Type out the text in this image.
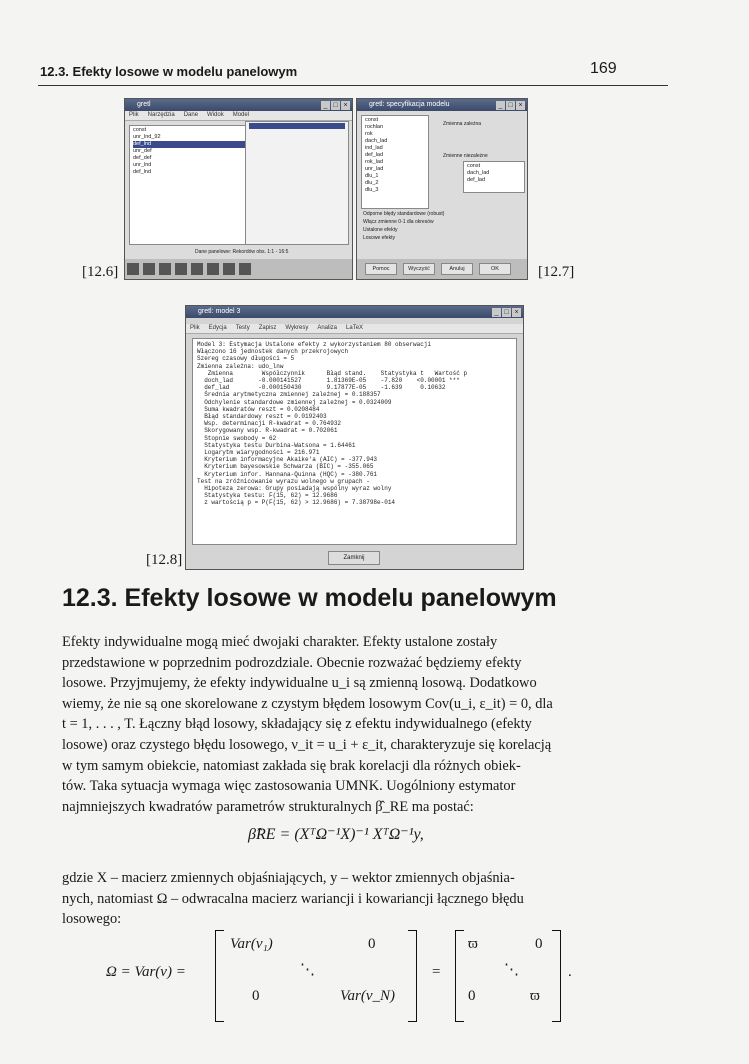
12.3. Efekty losowe w modelu panelowym	169
gretl	_ □ ×
Plik Narzędzia Dane Widok Model
const
unr_lnd_92
def_lnd
unr_def
def_def
unr_lnd
def_lnd
Dane panelowe: Rekordów obs. 1:1 - 16:5
[12.6]
gretl: specyfikacja modelu	_ □ ×
const
rochlan
rok
dach_lad
ind_lad
def_lad
rok_lad
unr_lad
dlu_1
dlu_2
dlu_3
Zmienna zależna
Zmienne niezależne
const
dach_lad
def_lad
Odporne błędy standardowe (robust)
Włącz zmienne 0-1 dla okresów
Ustalone efekty
Losowe efekty
Pomoc	Wyczyść	Anuluj	OK	[12.7]
gretl: model 3	_ □ ×
Plik Edycja Testy Zapisz Wykresy Analiza LaTeX
Model 3: Estymacja Ustalone efekty z wykorzystaniem 80 obserwacji
Włączono 16 jednostek danych przekrojowych
Szereg czasowy długości = 5
Zmienna zależna: udo_lnw
Zmienna        Współczynnik      Błąd stand.    Statystyka t   Wartość p
doch_lad       -0.000141527       1.81369E-05    -7.820    <0.00001 ***
def_lad        -0.000150430       9.17877E-05    -1.639     0.10632
Średnia arytmetyczna zmiennej zależnej = 0.188357
Odchylenie standardowe zmiennej zależnej = 0.0324009
Suma kwadratów reszt = 0.0208484
Błąd standardowy reszt = 0.0192403
Wsp. determinacji R-kwadrat = 0.764932
Skorygowany wsp. R-kwadrat = 0.702061
Stopnie swobody = 62
Statystyka testu Durbina-Watsona = 1.64461
Logarytm wiarygodności = 216.971
Kryterium informacyjne Akaike'a (AIC) = -377.943
Kryterium bayesowskie Schwarza (BIC) = -355.065
Kryterium infor. Hannana-Quinna (HQC) = -380.761
Test na zróżnicowanie wyrazu wolnego w grupach -
Hipoteza zerowa: Grupy posiadają wspólny wyraz wolny
Statystyka testu: F(15, 62) = 12.9686
z wartością p = P(F(15, 62) > 12.9686) = 7.38798e-014
Zamknij
[12.8]
12.3. Efekty losowe w modelu panelowym

Efekty indywidualne mogą mieć dwojaki charakter. Efekty ustalone zostały

przedstawione w poprzednim podrozdziale. Obecnie rozważać będziemy efekty

losowe. Przyjmujemy, że efekty indywidualne u_i są zmienną losową. Dodatkowo

wiemy, że nie są one skorelowane z czystym błędem losowym Cov(u_i, ε_it) = 0, dla

t = 1, . . . , T. Łączny błąd losowy, składający się z efektu indywidualnego (efekty

losowe) oraz czystego błędu losowego, ν_it = u_i + ε_it, charakteryzuje się korelacją

w tym samym obiekcie, natomiast zakłada się brak korelacji dla różnych obiek-

tów. Taka sytuacja wymaga więc zastosowania UMNK. Uogólniony estymator

najmniejszych kwadratów parametrów strukturalnych β̂_RE ma postać:

β̂RE = (XᵀΩ⁻¹X)⁻¹ XᵀΩ⁻¹y,

gdzie X – macierz zmiennych objaśniających, y – wektor zmiennych objaśnia-

nych, natomiast Ω – odwracalna macierz wariancji i kowariancji łącznego błędu

losowego:

Ω = Var(ν) =
Var(ν₁)	0
⋱
0	Var(v_N)
=
ϖ	0
⋱
0	ϖ
.
